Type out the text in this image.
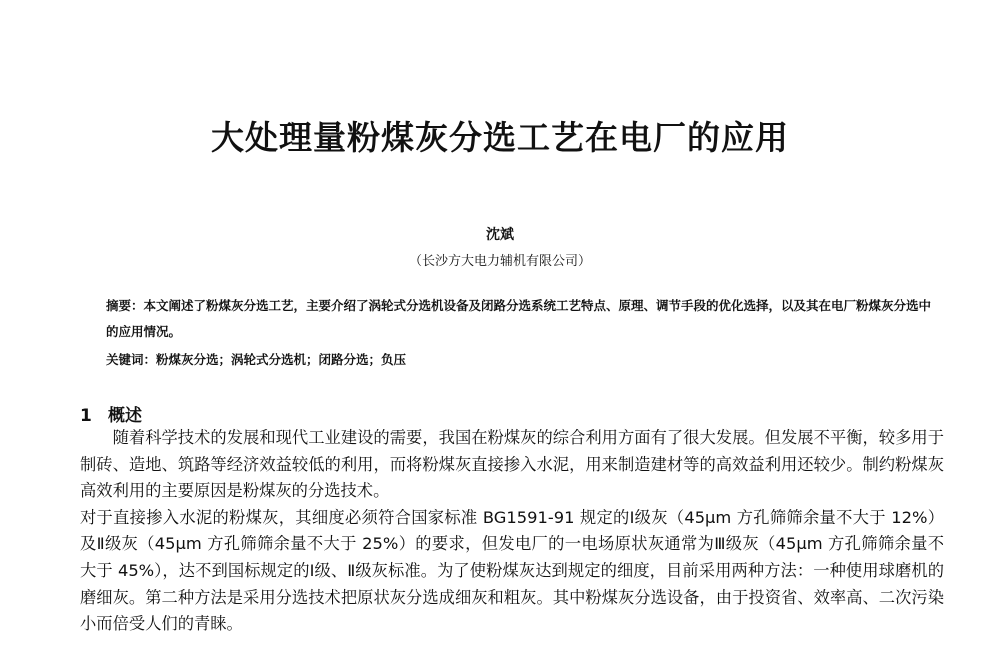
大处理量粉煤灰分选工艺在电厂的应用
沈斌
（长沙方大电力辅机有限公司）
摘要：本文阐述了粉煤灰分选工艺，主要介绍了涡轮式分选机设备及闭路分选系统工艺特点、原理、调节手段的优化选择，以及其在电厂粉煤灰分选中的应用情况。
关键词：粉煤灰分选；涡轮式分选机；闭路分选；负压
1 概述

随着科学技术的发展和现代工业建设的需要，我国在粉煤灰的综合利用方面有了很大发展。但发展不平衡，较多用于制砖、造地、筑路等经济效益较低的利用，而将粉煤灰直接掺入水泥，用来制造建材等的高效益利用还较少。制约粉煤灰高效利用的主要原因是粉煤灰的分选技术。

对于直接掺入水泥的粉煤灰，其细度必须符合国家标准 BG1591-91 规定的Ⅰ级灰（45μm 方孔筛筛余量不大于 12%）及Ⅱ级灰（45μm 方孔筛筛余量不大于 25%）的要求，但发电厂的一电场原状灰通常为Ⅲ级灰（45μm 方孔筛筛余量不大于 45%），达不到国标规定的Ⅰ级、Ⅱ级灰标准。为了使粉煤灰达到规定的细度，目前采用两种方法：一种使用球磨机的磨细灰。第二种方法是采用分选技术把原状灰分选成细灰和粗灰。其中粉煤灰分选设备，由于投资省、效率高、二次污染小而倍受人们的青睐。
